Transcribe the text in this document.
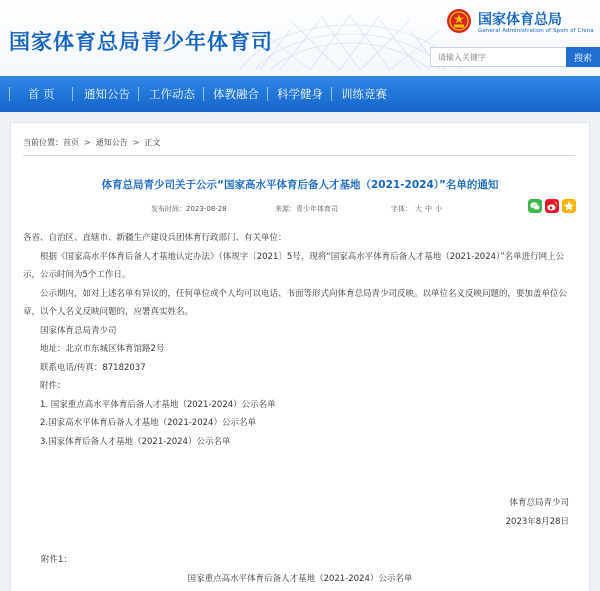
国家体育总局青少年体育司
国家体育总局
General Administration of Sport of China
请输入关键字
搜索
首 页	通知公告 工作动态 体教融合 科学健身 训练竞赛
当前位置：首页 > 通知公告 > 正文
体育总局青少司关于公示“国家高水平体育后备人才基地（2021-2024）”名单的通知
发布时间：2023-08-28	来源：青少年体育司	字体： 大 中 小

各省、自治区、直辖市、新疆生产建设兵团体育行政部门、有关单位：

根据《国家高水平体育后备人才基地认定办法》（体规字〔2021〕5号，现将“国家高水平体育后备人才基地（2021-2024）”名单进行网上公示，公示时间为5个工作日。

公示期内，如对上述名单有异议的，任何单位或个人均可以电话、书面等形式向体育总局青少司反映。以单位名义反映问题的，要加盖单位公章，以个人名义反映问题的，应署真实姓名。

国家体育总局青少司

地址：北京市东城区体育馆路2号

联系电话/传真：87182037

附件：

1. 国家重点高水平体育后备人才基地（2021-2024）公示名单

2.国家高水平体育后备人才基地（2021-2024）公示名单

3.国家体育后备人才基地（2021-2024）公示名单

体育总局青少司
2023年8月28日
附件1：
国家重点高水平体育后备人才基地（2021-2024）公示名单
